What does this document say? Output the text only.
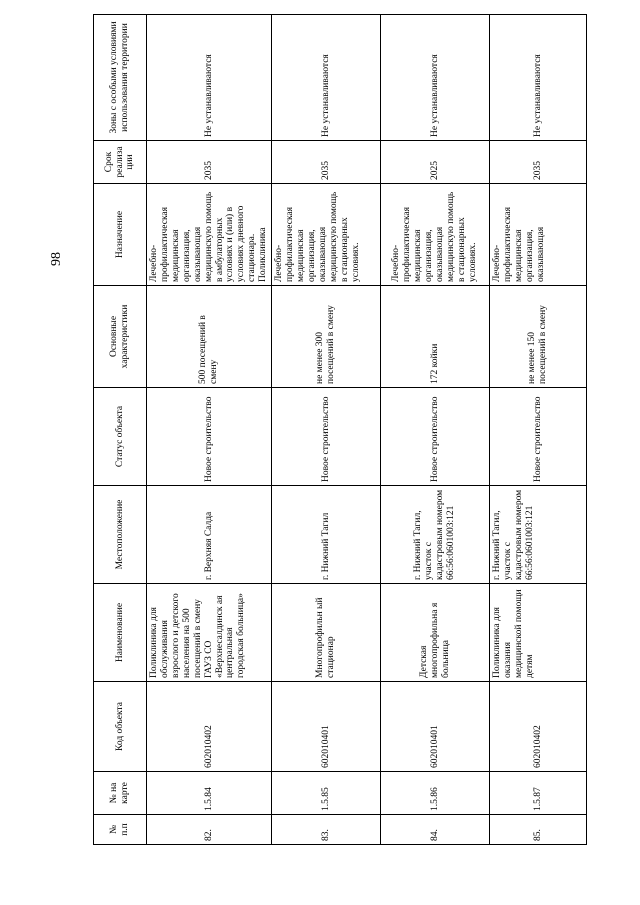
98
№ п.п	№ на карте	Код объекта	Наименование	Местоположение	Статус объекта	Основные характеристики	Назначение	Срок реализа ции	Зоны с особыми условиями использования территории
82.	1.5.84	602010402	Поликлиника для обслуживания взрослого и детского населения на 500 посещений в смену ГАУЗ СО «Верхнесалдинск ая центральная городская больница»	г. Верхняя Салда	Новое строительство	500 посещений в смену	Лечебно-профилактическая медицинская организация, оказывающая медицинскую помощь в амбулаторных условиях и (или) в условиях дневного стационара. Поликлиника	2035	Не устанавливаются
83.	1.5.85	602010401	Многопрофильн ый стационар	г. Нижний Тагил	Новое строительство	не менее 300 посещений в смену	Лечебно-профилактическая медицинская организация, оказывающая медицинскую помощь в стационарных условиях.	2035	Не устанавливаются
84.	1.5.86	602010401	Детская многопрофильна я больница	г. Нижний Тагил, участок с кадастровым номером 66:56:0601003:121	Новое строительство	172 койки	Лечебно-профилактическая медицинская организация, оказывающая медицинскую помощь в стационарных условиях.	2025	Не устанавливаются
85.	1.5.87	602010402	Поликлиника для оказания медицинской помощи детям	г. Нижний Тагил, участок с кадастровым номером 66:56:0601003:121	Новое строительство	не менее 150 посещений в смену	Лечебно-профилактическая медицинская организация, оказывающая	2035	Не устанавливаются
